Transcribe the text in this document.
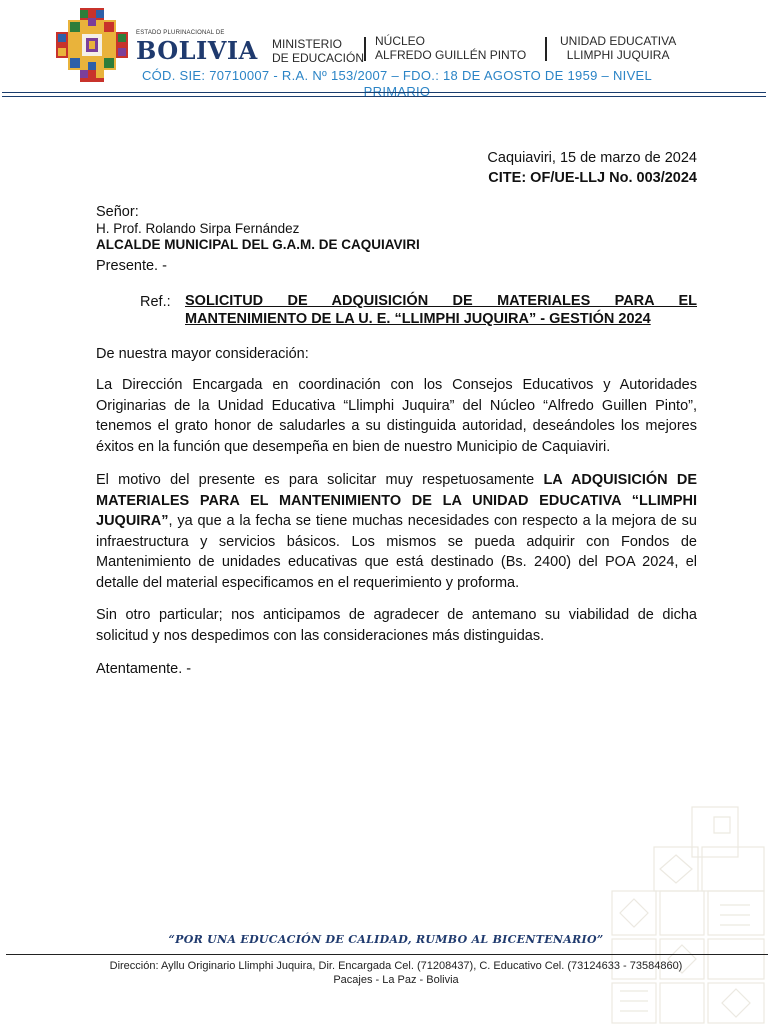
ESTADO PLURINACIONAL DE
BOLIVIA MINISTERIO
DE EDUCACIÓN
NÚCLEO
ALFREDO GUILLÉN PINTO
UNIDAD EDUCATIVA
LLIMPHI JUQUIRA
CÓD. SIE: 70710007 - R.A. Nº 153/2007 – FDO.: 18 DE AGOSTO DE 1959 – NIVEL PRIMARIO
Caquiaviri, 15 de marzo de 2024
CITE: OF/UE-LLJ No. 003/2024
Señor:
H. Prof. Rolando Sirpa Fernández
ALCALDE MUNICIPAL DEL G.A.M. DE CAQUIAVIRI
Presente. -
Ref.: SOLICITUD DE ADQUISICIÓN DE MATERIALES PARA EL MANTENIMIENTO DE LA U. E. “LLIMPHI JUQUIRA” - GESTIÓN 2024
De nuestra mayor consideración:
La Dirección Encargada en coordinación con los Consejos Educativos y Autoridades Originarias de la Unidad Educativa “Llimphi Juquira” del Núcleo “Alfredo Guillen Pinto”, tenemos el grato honor de saludarles a su distinguida autoridad, deseándoles los mejores éxitos en la función que desempeña en bien de nuestro Municipio de Caquiaviri.
El motivo del presente es para solicitar muy respetuosamente LA ADQUISICIÓN DE MATERIALES PARA EL MANTENIMIENTO DE LA UNIDAD EDUCATIVA “LLIMPHI JUQUIRA”, ya que a la fecha se tiene muchas necesidades con respecto a la mejora de su infraestructura y servicios básicos. Los mismos se pueda adquirir con Fondos de Mantenimiento de unidades educativas que está destinado (Bs. 2400) del POA 2024, el detalle del material especificamos en el requerimiento y proforma.
Sin otro particular; nos anticipamos de agradecer de antemano su viabilidad de dicha solicitud y nos despedimos con las consideraciones más distinguidas.
Atentamente. -
“POR UNA EDUCACIÓN DE CALIDAD, RUMBO AL BICENTENARIO”
Dirección: Ayllu Originario Llimphi Juquira, Dir. Encargada Cel. (71208437), C. Educativo Cel. (73124633 - 73584860)
Pacajes - La Paz - Bolivia
